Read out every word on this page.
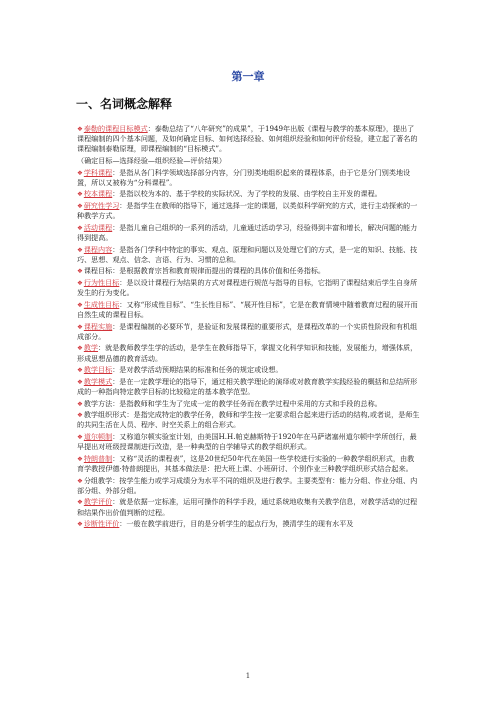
第一章
一、名词概念解释
❖泰勒的课程目标模式：泰勒总结了“八年研究”的成果”，于1949年出版《课程与教学的基本原理》，提出了课程编制的四个基本问题，及如何确定目标、如何选择经验、如何组织经验和如何评价经验，建立起了著名的课程编制泰勒原理，即课程编制的“目标模式”。
（确定目标—选择经验—组织经验—评价结果）
❖学科课程：是指从各门科学领域选择部分内容，分门别类地组织起来的课程体系，由于它是分门别类地设置，所以又被称为“分科课程”。
❖校本课程：是指以校为本的、基于学校的实际状况、为了学校的发展、由学校自主开发的课程。
❖研究性学习：是指学生在教师的指导下，通过选择一定的课题，以类似科学研究的方式，进行主动探索的一种教学方式。
❖活动课程：是指儿童自己组织的一系列的活动，儿童通过活动学习，经验得到丰富和增长，解决问题的能力得到提高。
❖课程内容：是指各门学科中特定的事实、观点、原理和问题以及处理它们的方式，是一定的知识、技能、技巧、思想、观点、信念、言语、行为、习惯的总和。
❖课程目标：是根据教育宗旨和教育规律而提出的课程的具体价值和任务指标。
❖行为性目标：是以设计课程行为结果的方式对课程进行规范与指导的目标，它指明了课程结束后学生自身所发生的行为变化。
❖生成性目标：又称“形成性目标”、“生长性目标”、“展开性目标”，它是在教育情境中随着教育过程的展开而自然生成的课程目标。
❖课程实施：是课程编制的必要环节，是验证和发展课程的重要形式，是课程改革的一个实质性阶段和有机组成部分。
❖教学：就是教师教学生学的活动，是学生在教师指导下，掌握文化科学知识和技能，发展能力，增强体质，形成思想品德的教育活动。
❖教学目标：是对教学活动预期结果的标准和任务的规定或设想。
❖教学模式：是在一定教学理论的指导下，通过相关教学理论的演绎或对教育教学实践经验的概括和总结所形成的一种指向特定教学目标的比较稳定的基本教学范型。
❖教学方法：是指教师和学生为了完成一定的教学任务而在教学过程中采用的方式和手段的总称。
❖教学组织形式：是指完成特定的教学任务，教师和学生按一定要求组合起来进行活动的结构,或者说，是师生的共同生活在人员、程序、时空关系上的组合形式。
❖道尔顿制：又称道尔顿实验室计划，由美国H.H.帕克赫斯特于1920年在马萨诸塞州道尔顿中学所创行，最早提出对班级授课制进行改造，是一种典型的自学辅导式的教学组织形式。
❖特朗普制：又称“灵活的课程表”，这是20世纪50年代在美国一些学校进行实验的一种教学组织形式，由教育学教授伊德·特普朗提出，其基本做法是：把大班上课、小班研讨、个别作业三种教学组织形式结合起来。
❖分组教学：按学生能力或学习成绩分为水平不同的组织及进行教学。主要类型有：能力分组、作业分组、内部分组、外部分组。
❖教学评价：就是依据一定标准，运用可操作的科学手段，通过系统地收集有关教学信息，对教学活动的过程和结果作出价值判断的过程。
❖诊断性评价：一般在教学前进行，目的是分析学生的起点行为，摸清学生的现有水平及
1
